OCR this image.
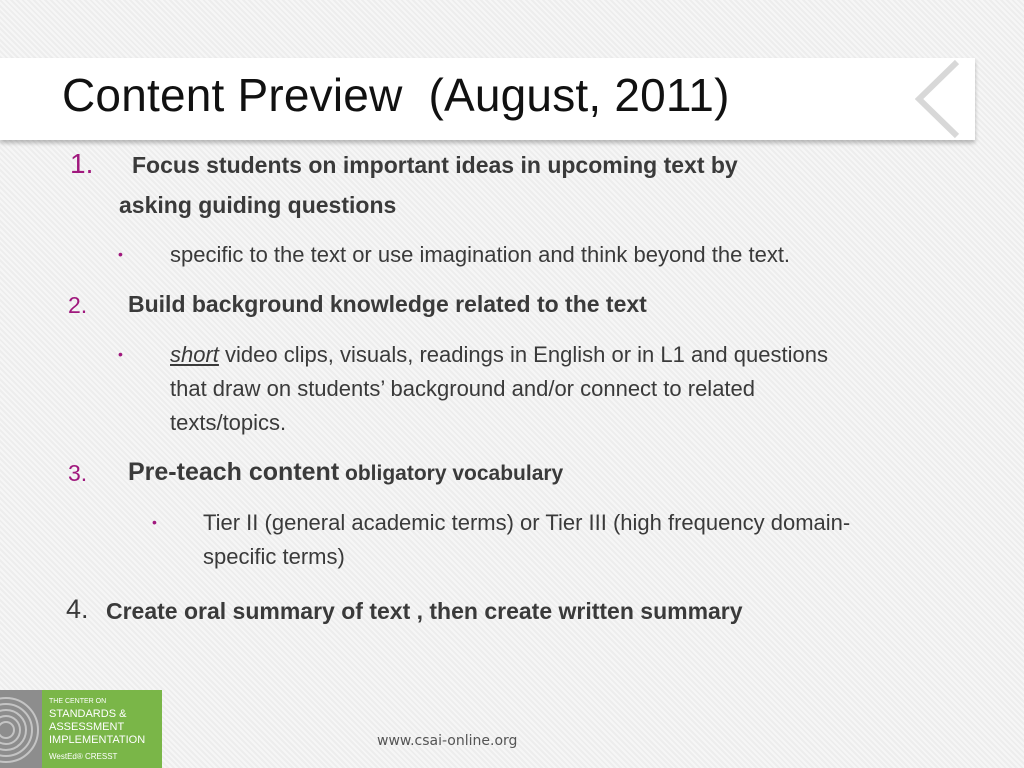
Content Preview  (August, 2011)
1. Focus students on important ideas in upcoming text by
asking guiding questions
• specific to the text or use imagination and think beyond the text.
2. Build background knowledge related to the text
• short video clips, visuals, readings in English or in L1 and questions
that draw on students’ background and/or connect to related
texts/topics.
3. Pre-teach content obligatory vocabulary
• Tier II (general academic terms) or Tier III (high frequency domain-
specific terms)
4. Create oral summary of text , then create written summary
THE CENTER ON
STANDARDS &
ASSESSMENT
IMPLEMENTATION
WestEd® CRESST
www.csai-online.org
